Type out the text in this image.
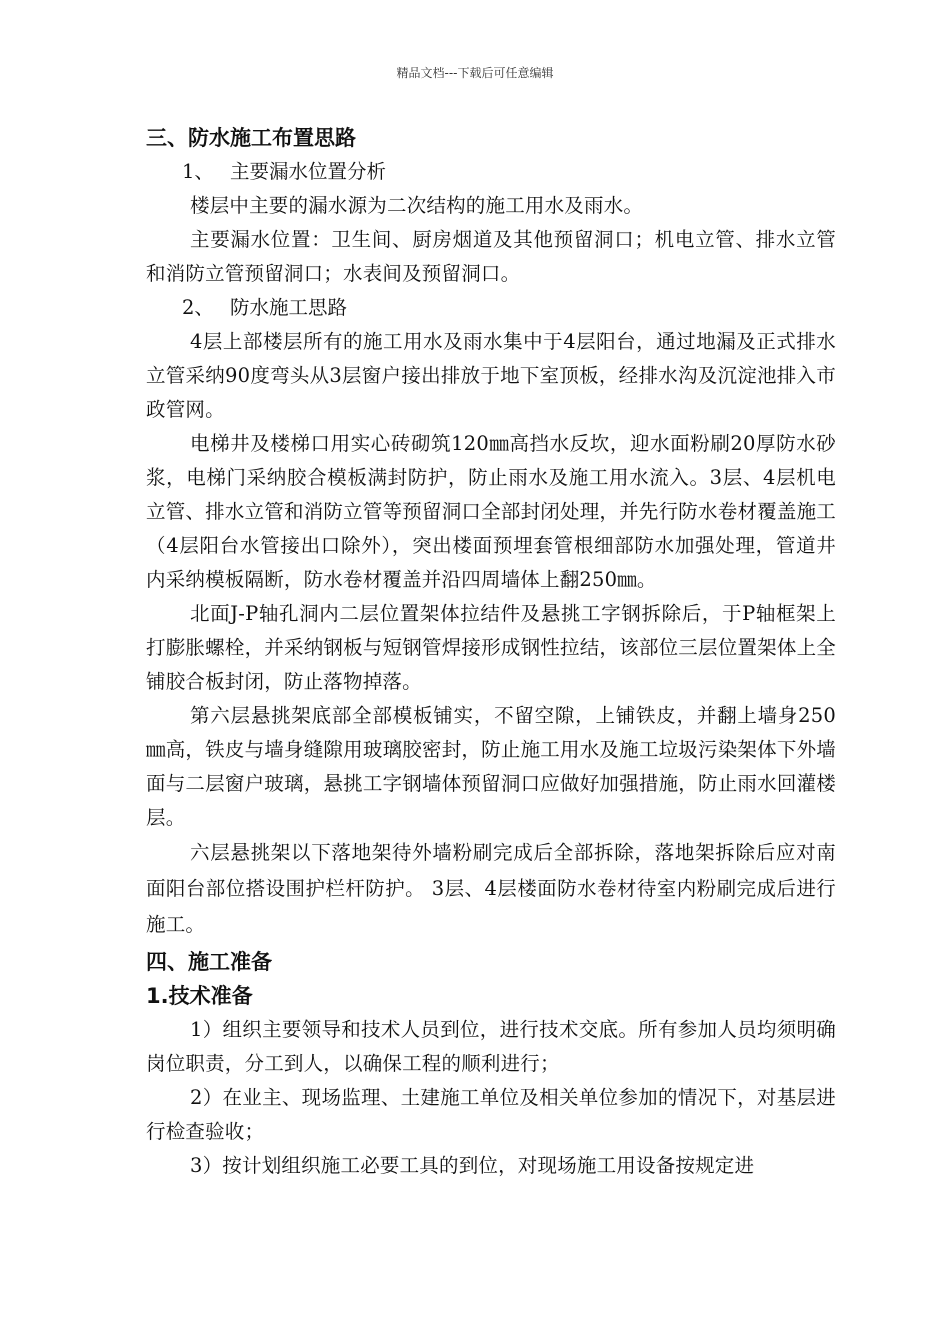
精品文档---下载后可任意编辑
三、防水施工布置思路
1、 主要漏水位置分析
楼层中主要的漏水源为二次结构的施工用水及雨水。
主要漏水位置：卫生间、厨房烟道及其他预留洞口；机电立管、排水立管和消防立管预留洞口；水表间及预留洞口。
2、 防水施工思路
4层上部楼层所有的施工用水及雨水集中于4层阳台，通过地漏及正式排水立管采纳90度弯头从3层窗户接出排放于地下室顶板，经排水沟及沉淀池排入市政管网。
电梯井及楼梯口用实心砖砌筑120㎜高挡水反坎，迎水面粉刷20厚防水砂浆，电梯门采纳胶合模板满封防护，防止雨水及施工用水流入。3层、4层机电立管、排水立管和消防立管等预留洞口全部封闭处理，并先行防水卷材覆盖施工（4层阳台水管接出口除外），突出楼面预埋套管根细部防水加强处理，管道井内采纳模板隔断，防水卷材覆盖并沿四周墙体上翻250㎜。
北面J-P轴孔洞内二层位置架体拉结件及悬挑工字钢拆除后，于P轴框架上打膨胀螺栓，并采纳钢板与短钢管焊接形成钢性拉结，该部位三层位置架体上全铺胶合板封闭，防止落物掉落。
第六层悬挑架底部全部模板铺实，不留空隙，上铺铁皮，并翻上墙身250㎜高，铁皮与墙身缝隙用玻璃胶密封，防止施工用水及施工垃圾污染架体下外墙面与二层窗户玻璃，悬挑工字钢墙体预留洞口应做好加强措施，防止雨水回灌楼层。
六层悬挑架以下落地架待外墙粉刷完成后全部拆除，落地架拆除后应对南面阳台部位搭设围护栏杆防护。 3层、4层楼面防水卷材待室内粉刷完成后进行施工。
四、施工准备
1.技术准备
1）组织主要领导和技术人员到位，进行技术交底。所有参加人员均须明确岗位职责，分工到人，以确保工程的顺利进行；
2）在业主、现场监理、土建施工单位及相关单位参加的情况下，对基层进行检查验收；
3）按计划组织施工必要工具的到位，对现场施工用设备按规定进
